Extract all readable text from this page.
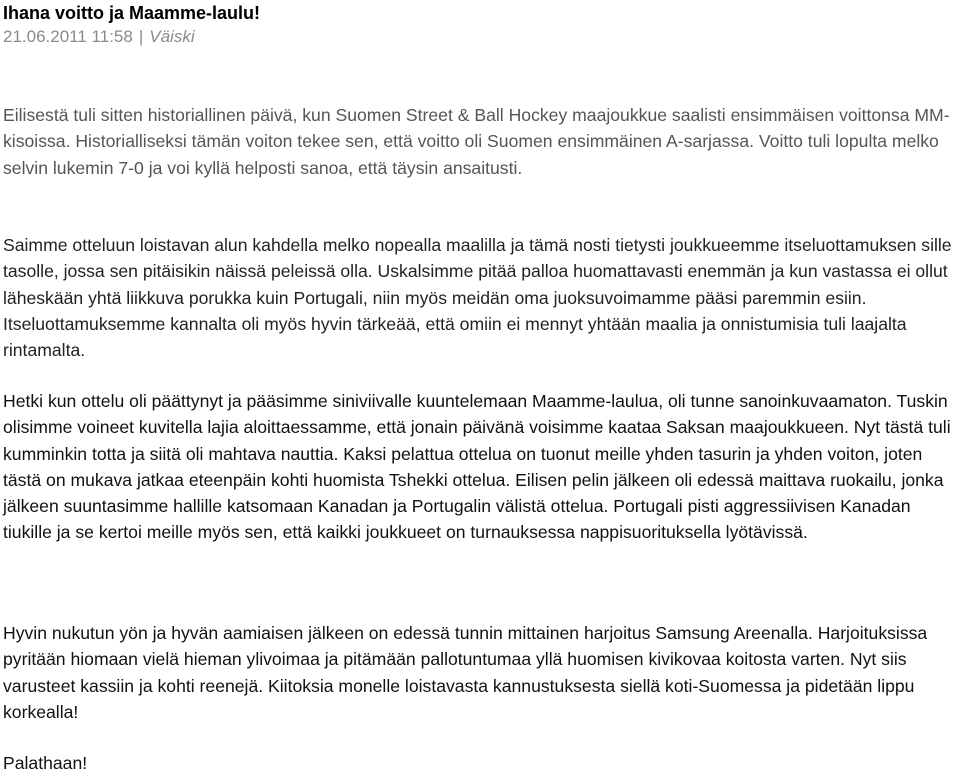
Ihana voitto ja Maamme-laulu!
21.06.2011 11:58 | Väiski

Eilisestä tuli sitten historiallinen päivä, kun Suomen Street & Ball Hockey maajoukkue saalisti ensimmäisen voittonsa MM-kisoissa. Historialliseksi tämän voiton tekee sen, että voitto oli Suomen ensimmäinen A-sarjassa. Voitto tuli lopulta melko selvin lukemin 7-0 ja voi kyllä helposti sanoa, että täysin ansaitusti.

Saimme otteluun loistavan alun kahdella melko nopealla maalilla ja tämä nosti tietysti joukkueemme itseluottamuksen sille tasolle, jossa sen pitäisikin näissä peleissä olla. Uskalsimme pitää palloa huomattavasti enemmän ja kun vastassa ei ollut läheskään yhtä liikkuva porukka kuin Portugali, niin myös meidän oma juoksuvoimamme pääsi paremmin esiin. Itseluottamuksemme kannalta oli myös hyvin tärkeää, että omiin ei mennyt yhtään maalia ja onnistumisia tuli laajalta rintamalta.

Hetki kun ottelu oli päättynyt ja pääsimme siniviivalle kuuntelemaan Maamme-laulua, oli tunne sanoinkuvaamaton. Tuskin olisimme voineet kuvitella lajia aloittaessamme, että jonain päivänä voisimme kaataa Saksan maajoukkueen. Nyt tästä tuli kumminkin totta ja siitä oli mahtava nauttia. Kaksi pelattua ottelua on tuonut meille yhden tasurin ja yhden voiton, joten tästä on mukava jatkaa eteenpäin kohti huomista Tshekki ottelua. Eilisen pelin jälkeen oli edessä maittava ruokailu, jonka jälkeen suuntasimme hallille katsomaan Kanadan ja Portugalin välistä ottelua. Portugali pisti aggressiivisen Kanadan tiukille ja se kertoi meille myös sen, että kaikki joukkueet on turnauksessa nappisuorituksella lyötävissä.

Hyvin nukutun yön ja hyvän aamiaisen jälkeen on edessä tunnin mittainen harjoitus Samsung Areenalla. Harjoituksissa pyritään hiomaan vielä hieman ylivoimaa ja pitämään pallotuntumaa yllä huomisen kivikovaa koitosta varten. Nyt siis varusteet kassiin ja kohti reenejä. Kiitoksia monelle loistavasta kannustuksesta siellä koti-Suomessa ja pidetään lippu korkealla!

Palathaan!
